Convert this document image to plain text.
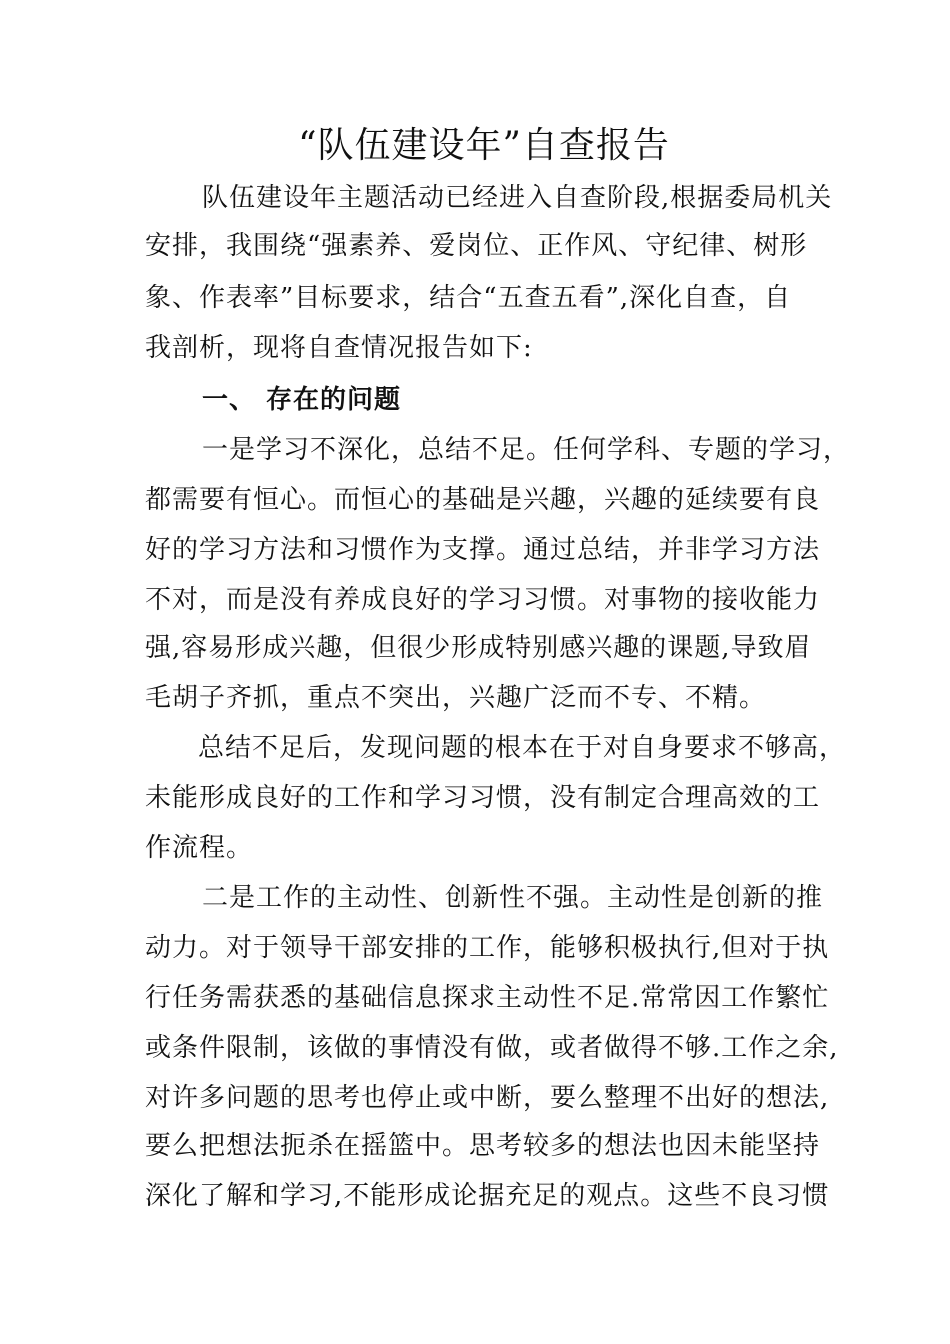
“队伍建设年”自查报告
队伍建设年主题活动已经进入自查阶段,根据委局机关
安排，我围绕“强素养、爱岗位、正作风、守纪律、树形
象、作表率”目标要求，结合“五查五看”,深化自查，自
我剖析，现将自查情况报告如下:
一、 存在的问题
一是学习不深化，总结不足。任何学科、专题的学习，
都需要有恒心。而恒心的基础是兴趣，兴趣的延续要有良
好的学习方法和习惯作为支撑。通过总结，并非学习方法
不对，而是没有养成良好的学习习惯。对事物的接收能力
强,容易形成兴趣，但很少形成特别感兴趣的课题,导致眉
毛胡子齐抓，重点不突出，兴趣广泛而不专、不精。
总结不足后，发现问题的根本在于对自身要求不够高，
未能形成良好的工作和学习习惯，没有制定合理高效的工
作流程。
二是工作的主动性、创新性不强。主动性是创新的推
动力。对于领导干部安排的工作，能够积极执行,但对于执
行任务需获悉的基础信息探求主动性不足.常常因工作繁忙
或条件限制，该做的事情没有做，或者做得不够.工作之余,
对许多问题的思考也停止或中断，要么整理不出好的想法,
要么把想法扼杀在摇篮中。思考较多的想法也因未能坚持
深化了解和学习,不能形成论据充足的观点。这些不良习惯
